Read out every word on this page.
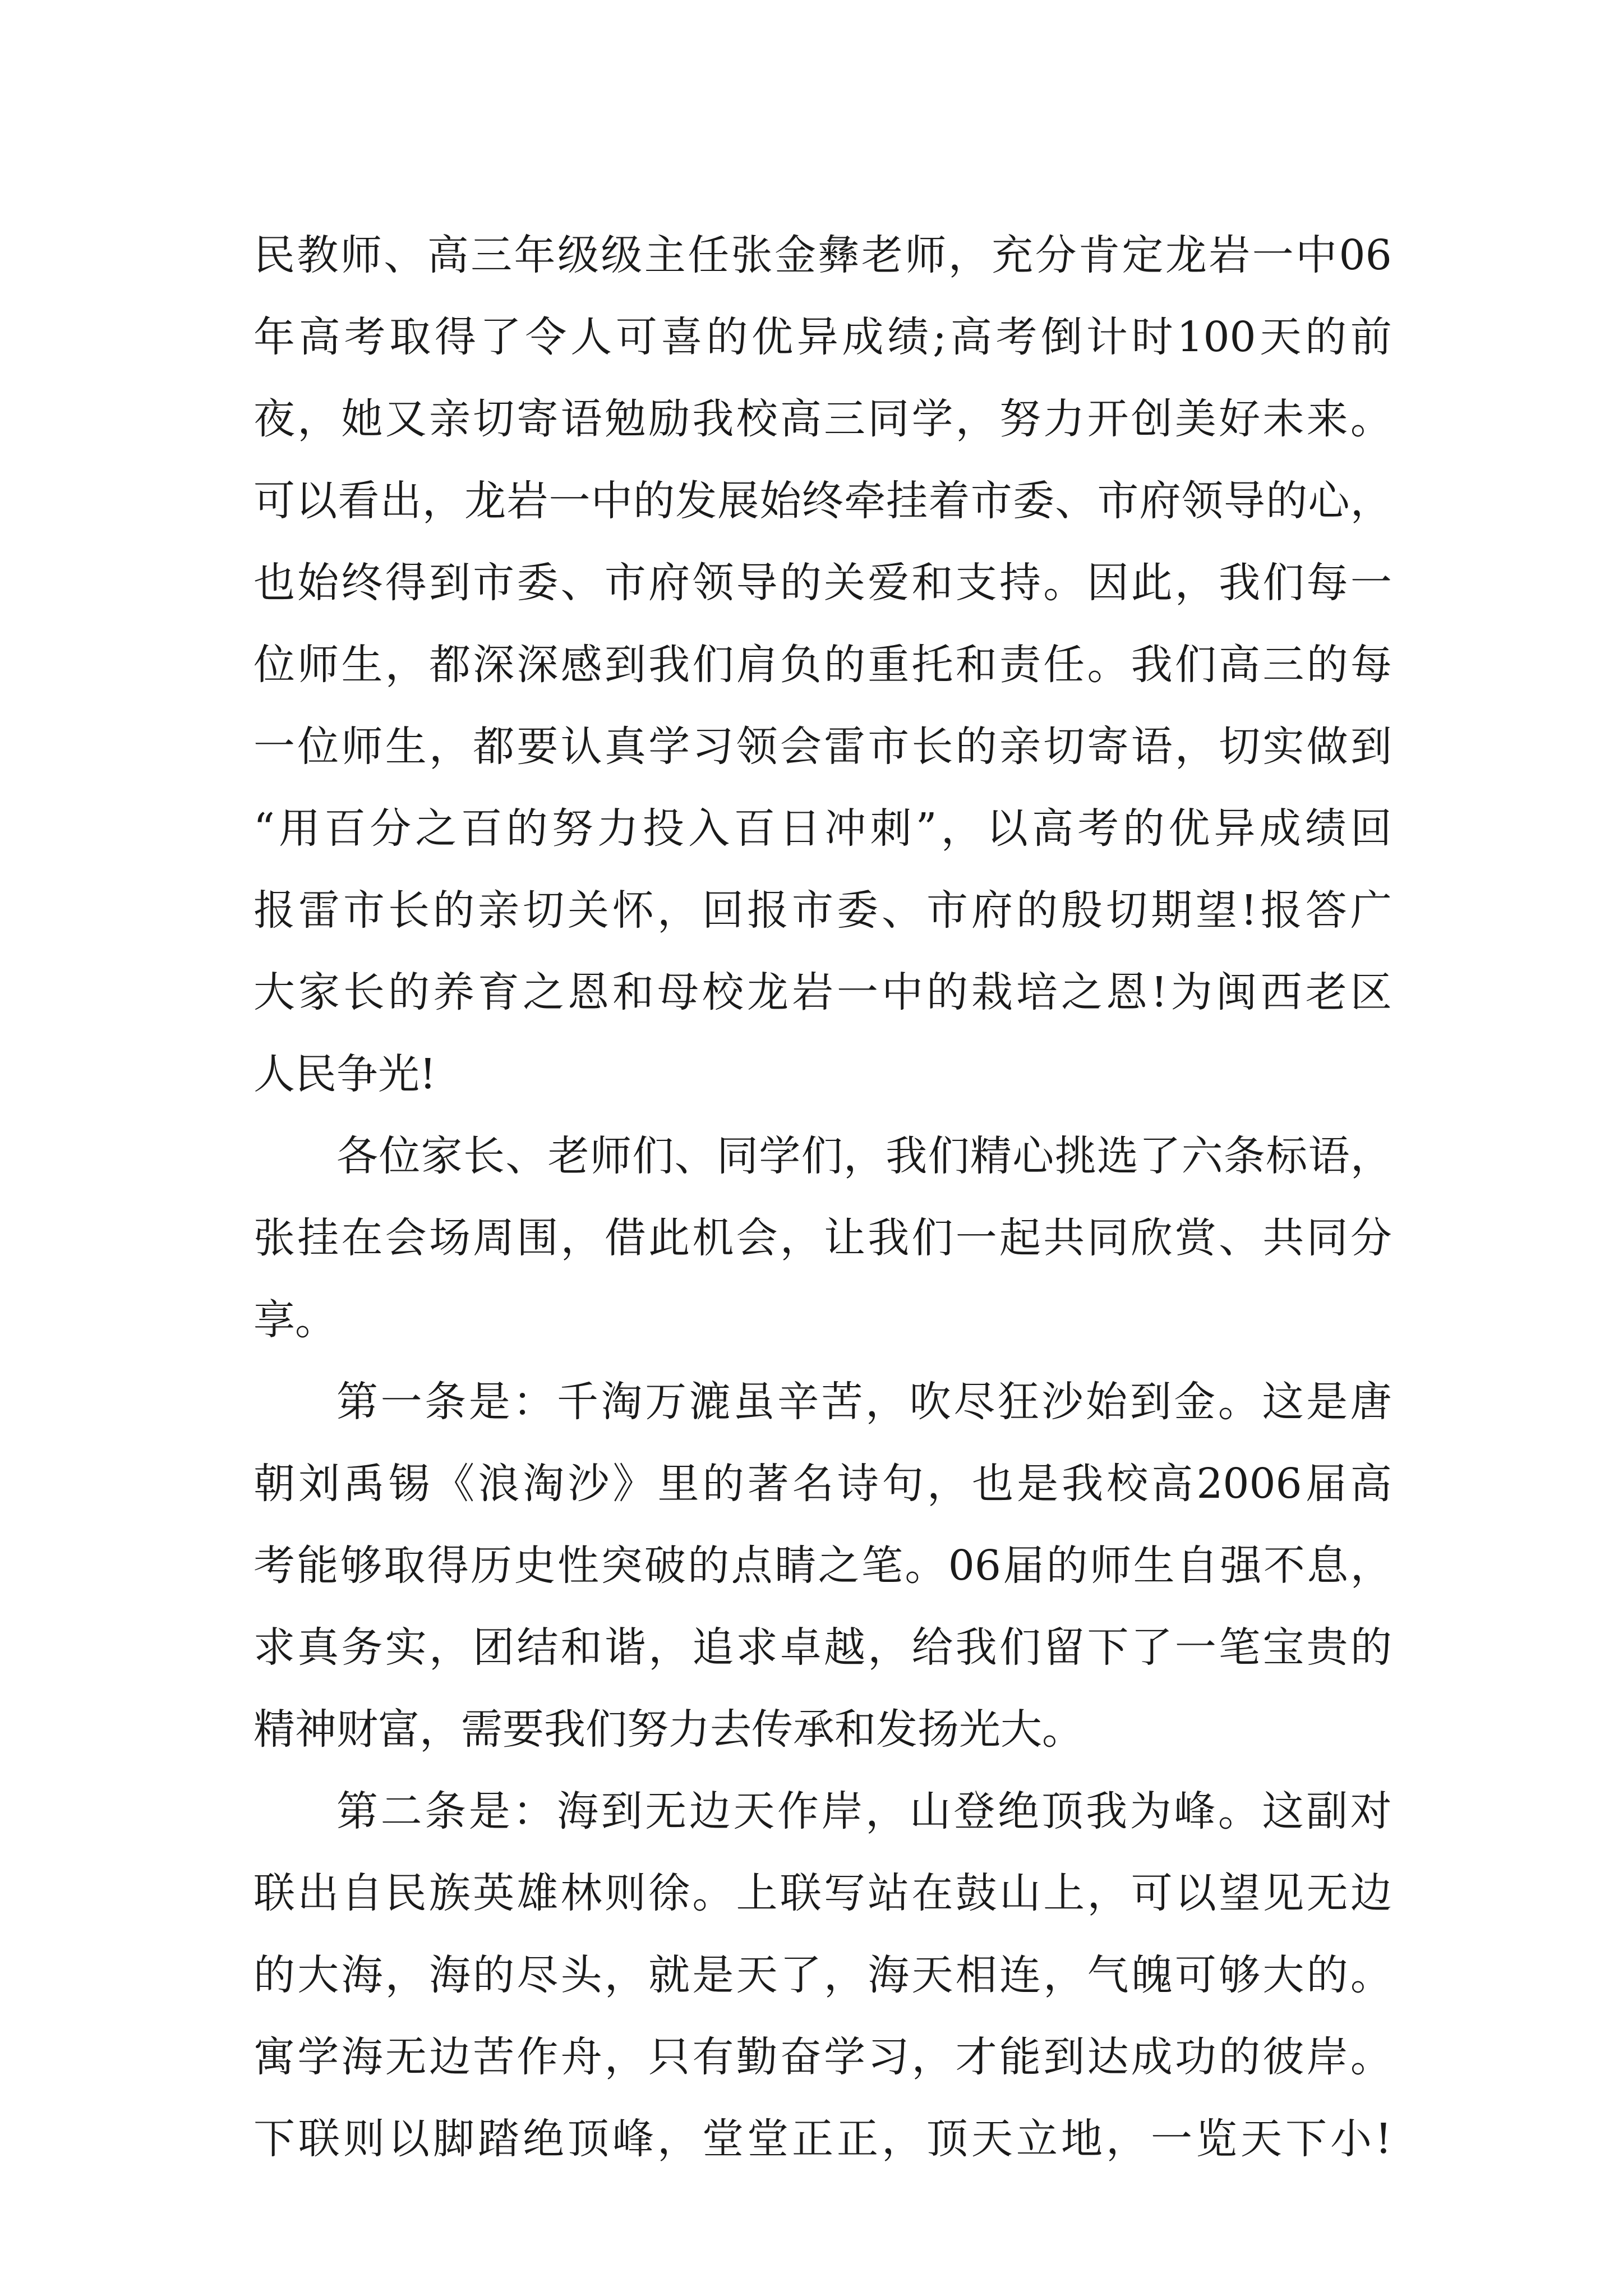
民 教 师 、 高 三 年 级 级 主 任 张 金 彝 老 师 ， 充 分 肯 定 龙 岩 一 中 06
年 高 考 取 得 了 令 人 可 喜 的 优 异 成 绩 ; 高 考 倒 计 时 100 天 的 前
夜 ， 她 又 亲 切 寄 语 勉 励 我 校 高 三 同 学 ， 努 力 开 创 美 好 未 来 。
可 以 看 出 ， 龙 岩 一 中 的 发 展 始 终 牵 挂 着 市 委 、 市 府 领 导 的 心 ，
也 始 终 得 到 市 委 、 市 府 领 导 的 关 爱 和 支 持 。 因 此 ， 我 们 每 一
位 师 生 ， 都 深 深 感 到 我 们 肩 负 的 重 托 和 责 任 。 我 们 高 三 的 每
一 位 师 生 ， 都 要 认 真 学 习 领 会 雷 市 长 的 亲 切 寄 语 ， 切 实 做 到
“ 用 百 分 之 百 的 努 力 投 入 百 日 冲 刺 ” ， 以 高 考 的 优 异 成 绩 回
报 雷 市 长 的 亲 切 关 怀 ， 回 报 市 委 、 市 府 的 殷 切 期 望 ! 报 答 广
大 家 长 的 养 育 之 恩 和 母 校 龙 岩 一 中 的 栽 培 之 恩 ! 为 闽 西 老 区
人民争光!
各 位 家 长 、 老 师 们 、 同 学 们 ， 我 们 精 心 挑 选 了 六 条 标 语 ，
张 挂 在 会 场 周 围 ， 借 此 机 会 ， 让 我 们 一 起 共 同 欣 赏 、 共 同 分
享。
第 一 条 是 ： 千 淘 万 漉 虽 辛 苦 ， 吹 尽 狂 沙 始 到 金 。 这 是 唐
朝 刘 禹 锡 《 浪 淘 沙 》 里 的 著 名 诗 句 ， 也 是 我 校 高 2006 届 高
考 能 够 取 得 历 史 性 突 破 的 点 睛 之 笔 。 06 届 的 师 生 自 强 不 息 ，
求 真 务 实 ， 团 结 和 谐 ， 追 求 卓 越 ， 给 我 们 留 下 了 一 笔 宝 贵 的
精神财富，需要我们努力去传承和发扬光大。
第 二 条 是 ： 海 到 无 边 天 作 岸 ， 山 登 绝 顶 我 为 峰 。 这 副 对
联 出 自 民 族 英 雄 林 则 徐 。 上 联 写 站 在 鼓 山 上 ， 可 以 望 见 无 边
的 大 海 ， 海 的 尽 头 ， 就 是 天 了 ， 海 天 相 连 ， 气 魄 可 够 大 的 。
寓 学 海 无 边 苦 作 舟 ， 只 有 勤 奋 学 习 ， 才 能 到 达 成 功 的 彼 岸 。
下 联 则 以 脚 踏 绝 顶 峰 ， 堂 堂 正 正 ， 顶 天 立 地 ， 一 览 天 下 小 !
